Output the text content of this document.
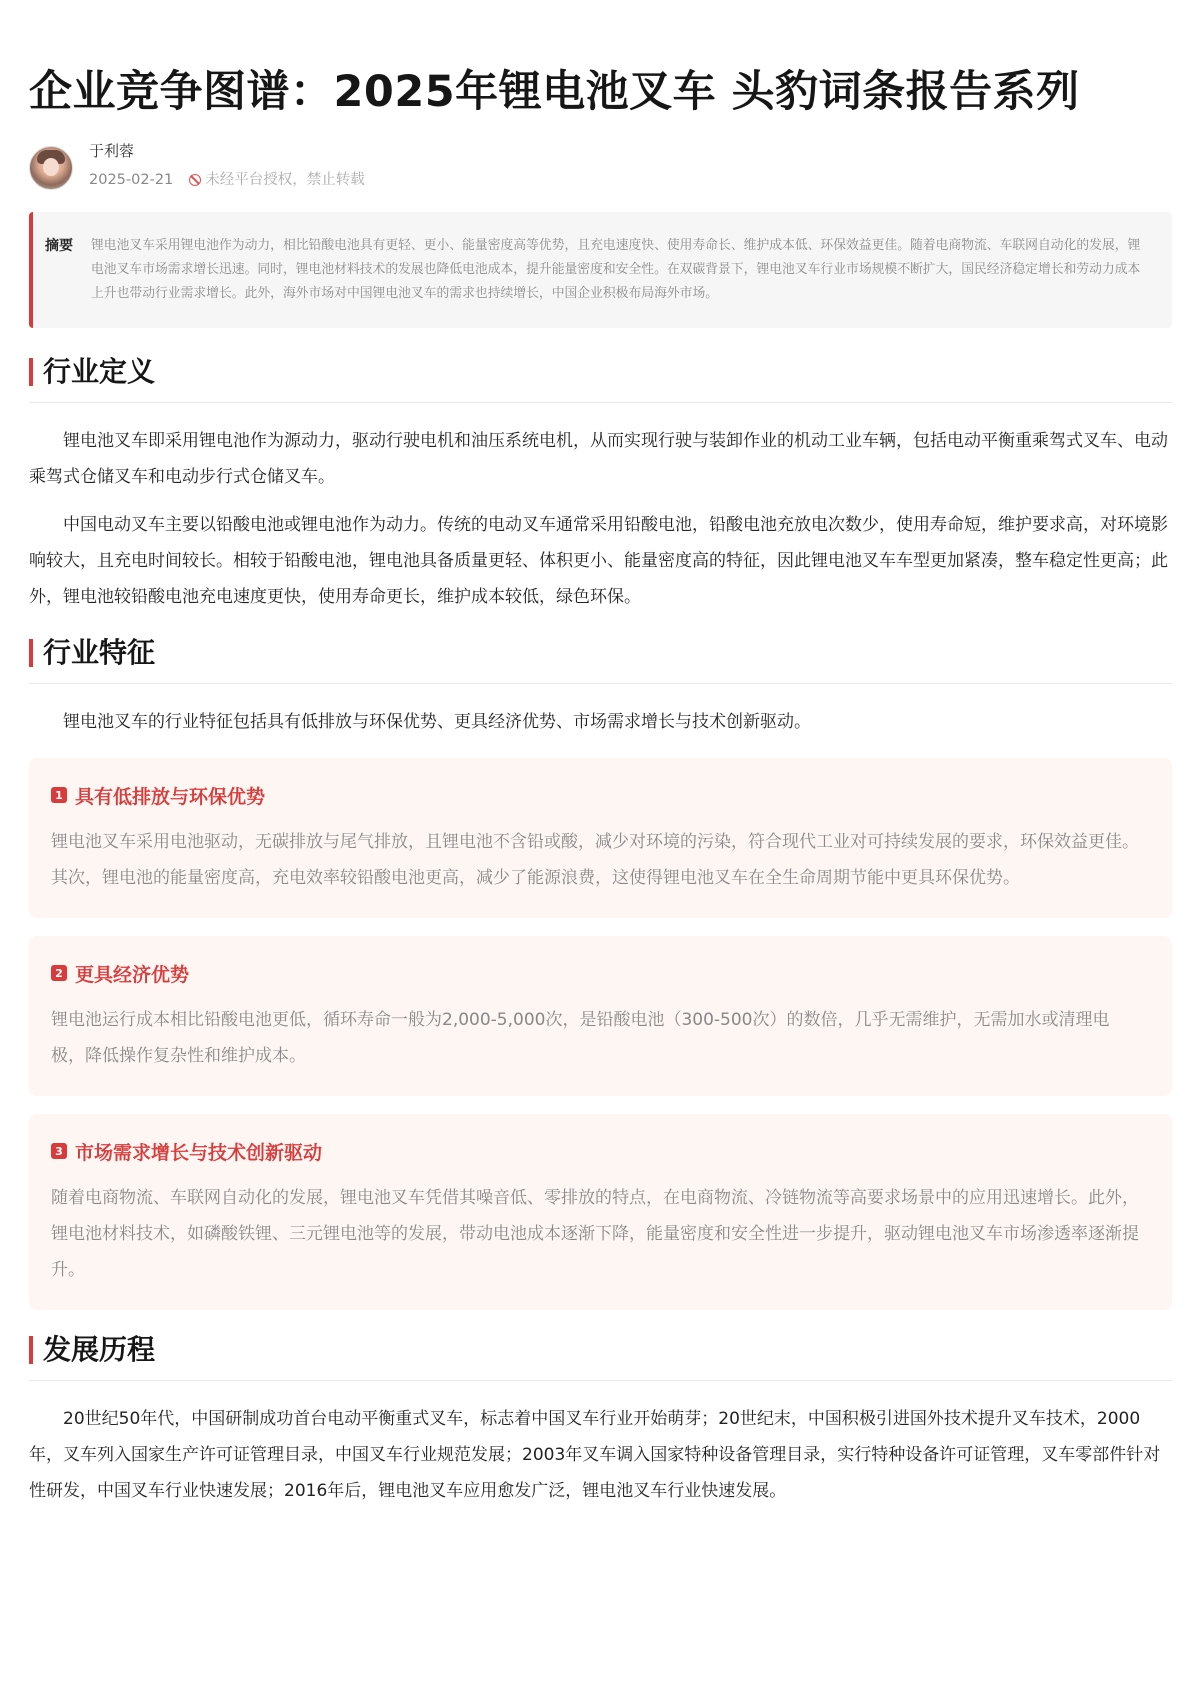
企业竞争图谱：2025年锂电池叉车 头豹词条报告系列
于利蓉
2025-02-21 未经平台授权，禁止转载
摘要	锂电池叉车采用锂电池作为动力，相比铅酸电池具有更轻、更小、能量密度高等优势，且充电速度快、使用寿命长、维护成本低、环保效益更佳。随着电商物流、车联网自动化的发展，锂电池叉车市场需求增长迅速。同时，锂电池材料技术的发展也降低电池成本，提升能量密度和安全性。在双碳背景下，锂电池叉车行业市场规模不断扩大，国民经济稳定增长和劳动力成本上升也带动行业需求增长。此外，海外市场对中国锂电池叉车的需求也持续增长，中国企业积极布局海外市场。
行业定义

锂电池叉车即采用锂电池作为源动力，驱动行驶电机和油压系统电机，从而实现行驶与装卸作业的机动工业车辆，包括电动平衡重乘驾式叉车、电动乘驾式仓储叉车和电动步行式仓储叉车。

中国电动叉车主要以铅酸电池或锂电池作为动力。传统的电动叉车通常采用铅酸电池，铅酸电池充放电次数少，使用寿命短，维护要求高，对环境影响较大，且充电时间较长。相较于铅酸电池，锂电池具备质量更轻、体积更小、能量密度高的特征，因此锂电池叉车车型更加紧凑，整车稳定性更高；此外，锂电池较铅酸电池充电速度更快，使用寿命更长，维护成本较低，绿色环保。

行业特征

锂电池叉车的行业特征包括具有低排放与环保优势、更具经济优势、市场需求增长与技术创新驱动。

1 具有低排放与环保优势
锂电池叉车采用电池驱动，无碳排放与尾气排放，且锂电池不含铅或酸，减少对环境的污染，符合现代工业对可持续发展的要求，环保效益更佳。其次，锂电池的能量密度高，充电效率较铅酸电池更高，减少了能源浪费，这使得锂电池叉车在全生命周期节能中更具环保优势。
2 更具经济优势
锂电池运行成本相比铅酸电池更低，循环寿命一般为2,000-5,000次，是铅酸电池（300-500次）的数倍，几乎无需维护，无需加水或清理电极，降低操作复杂性和维护成本。
3 市场需求增长与技术创新驱动
随着电商物流、车联网自动化的发展，锂电池叉车凭借其噪音低、零排放的特点，在电商物流、冷链物流等高要求场景中的应用迅速增长。此外，锂电池材料技术，如磷酸铁锂、三元锂电池等的发展，带动电池成本逐渐下降，能量密度和安全性进一步提升，驱动锂电池叉车市场渗透率逐渐提升。
发展历程

20世纪50年代，中国研制成功首台电动平衡重式叉车，标志着中国叉车行业开始萌芽；20世纪末，中国积极引进国外技术提升叉车技术，2000年，叉车列入国家生产许可证管理目录，中国叉车行业规范发展；2003年叉车调入国家特种设备管理目录，实行特种设备许可证管理，叉车零部件针对性研发，中国叉车行业快速发展；2016年后，锂电池叉车应用愈发广泛，锂电池叉车行业快速发展。
